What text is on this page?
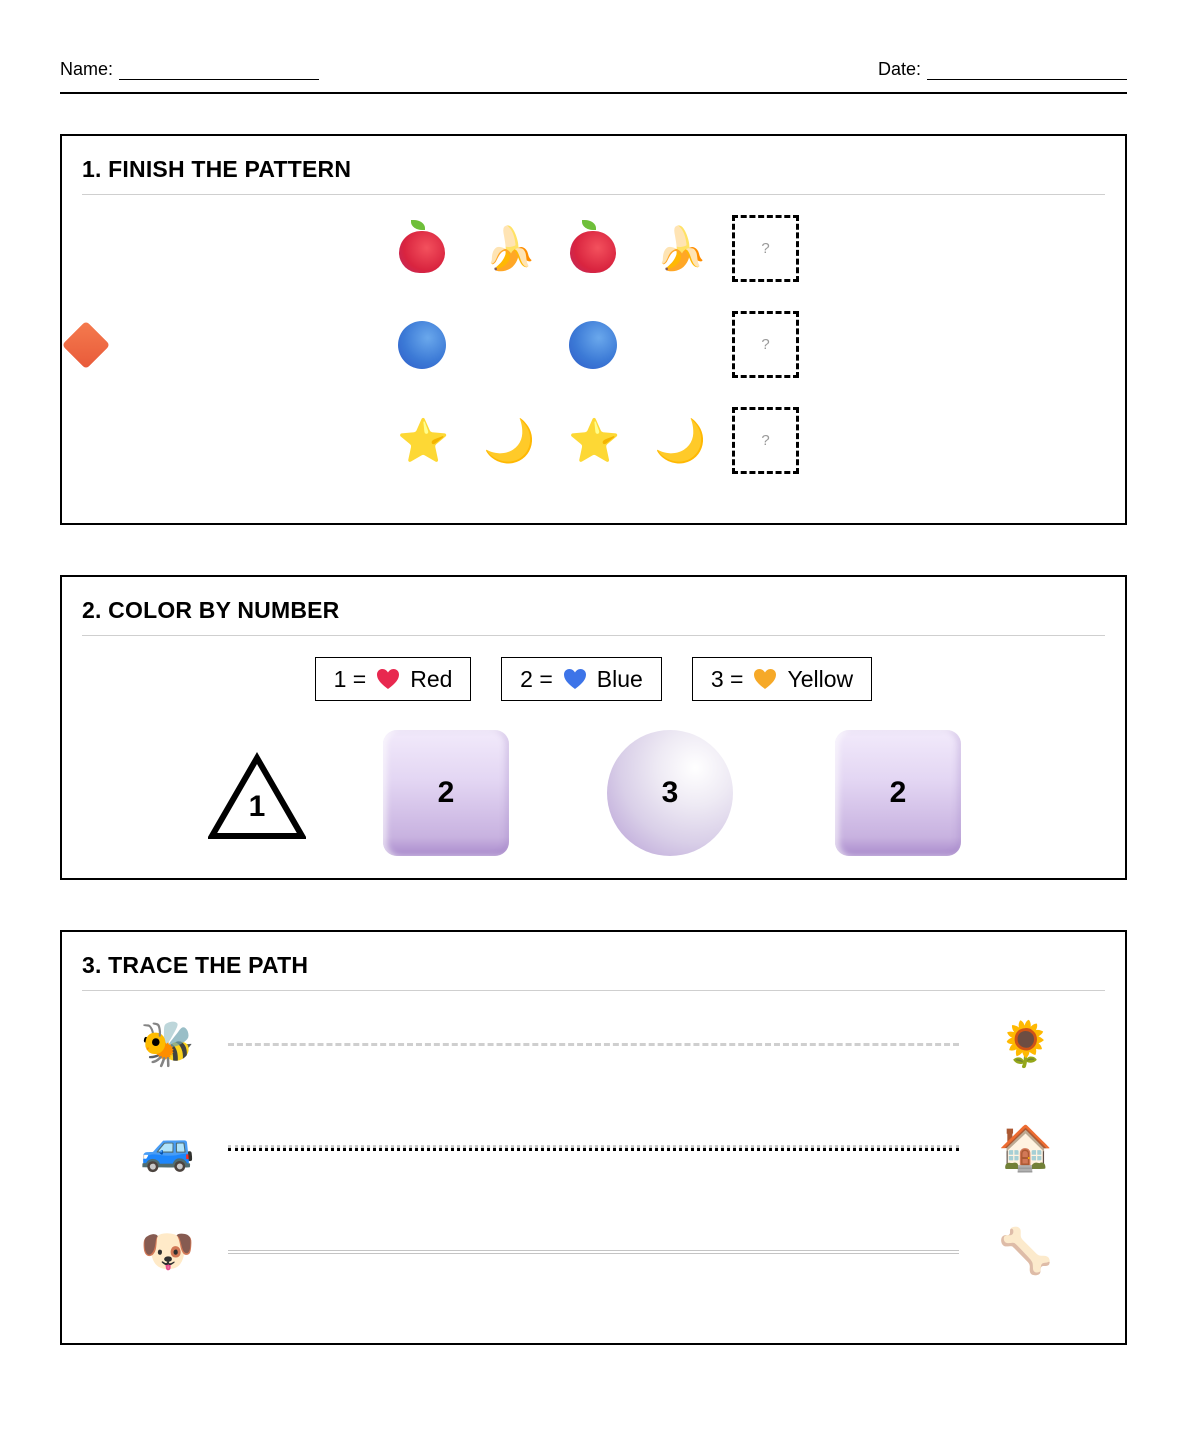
Name:	Date:
1. FINISH THE PATTERN
🍌	🍌	?
?
⭐ 🌙 ⭐ 🌙	?
2. COLOR BY NUMBER
1 = Red	2 = Blue	3 = Yellow
1	2	3	2
3. TRACE THE PATH
🐝	🌻
🚙	🏠
🐶	🦴
